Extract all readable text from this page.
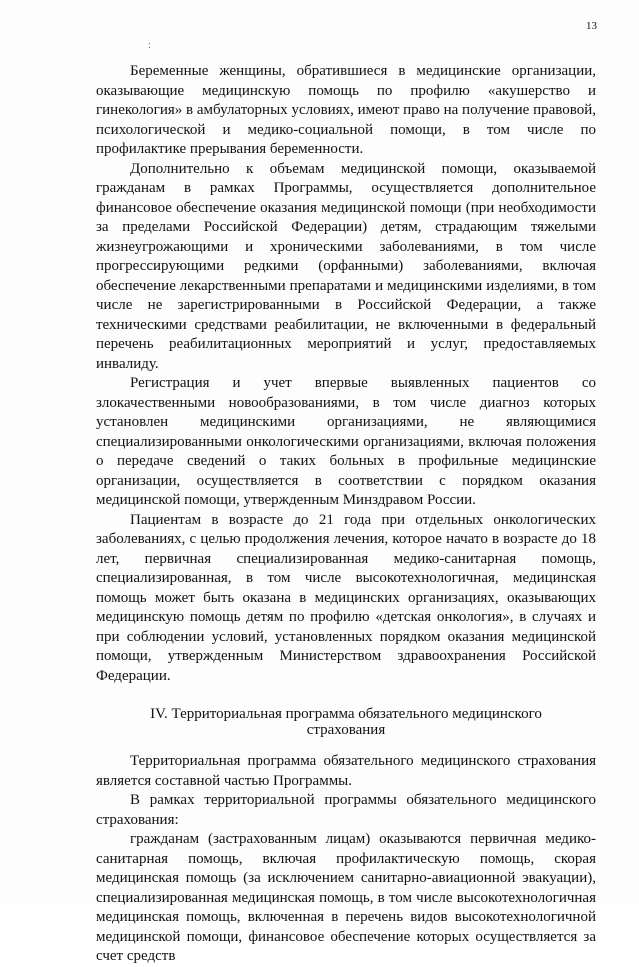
13
:

Беременные женщины, обратившиеся в медицинские организации, оказывающие медицинскую помощь по профилю «акушерство и гинекология» в амбулаторных условиях, имеют право на получение правовой, психологической и медико-социальной помощи, в том числе по профилактике прерывания беременности.

Дополнительно к объемам медицинской помощи, оказываемой гражданам в рамках Программы, осуществляется дополнительное финансовое обеспечение оказания медицинской помощи (при необходимости за пределами Российской Федерации) детям, страдающим тяжелыми жизнеугрожающими и хроническими заболеваниями, в том числе прогрессирующими редкими (орфанными) заболеваниями, включая обеспечение лекарственными препаратами и медицинскими изделиями, в том числе не зарегистрированными в Российской Федерации, а также техническими средствами реабилитации, не включенными в федеральный перечень реабилитационных мероприятий и услуг, предоставляемых инвалиду.

Регистрация и учет впервые выявленных пациентов со злокачественными новообразованиями, в том числе диагноз которых установлен медицинскими организациями, не являющимися специализированными онкологическими организациями, включая положения о передаче сведений о таких больных в профильные медицинские организации, осуществляется в соответствии с порядком оказания медицинской помощи, утвержденным Минздравом России.

Пациентам в возрасте до 21 года при отдельных онкологических заболеваниях, с целью продолжения лечения, которое начато в возрасте до 18 лет, первичная специализированная медико-санитарная помощь, специализированная, в том числе высокотехнологичная, медицинская помощь может быть оказана в медицинских организациях, оказывающих медицинскую помощь детям по профилю «детская онкология», в случаях и при соблюдении условий, установленных порядком оказания медицинской помощи, утвержденным Министерством здравоохранения Российской Федерации.

IV. Территориальная программа обязательного медицинского
страхования

Территориальная программа обязательного медицинского страхования является составной частью Программы.

В рамках территориальной программы обязательного медицинского страхования:

гражданам (застрахованным лицам) оказываются первичная медико-санитарная помощь, включая профилактическую помощь, скорая медицинская помощь (за исключением санитарно-авиационной эвакуации), специализированная медицинская помощь, в том числе высокотехнологичная медицинская помощь, включенная в перечень видов высокотехнологичной медицинской помощи, финансовое обеспечение которых осуществляется за счет средств
